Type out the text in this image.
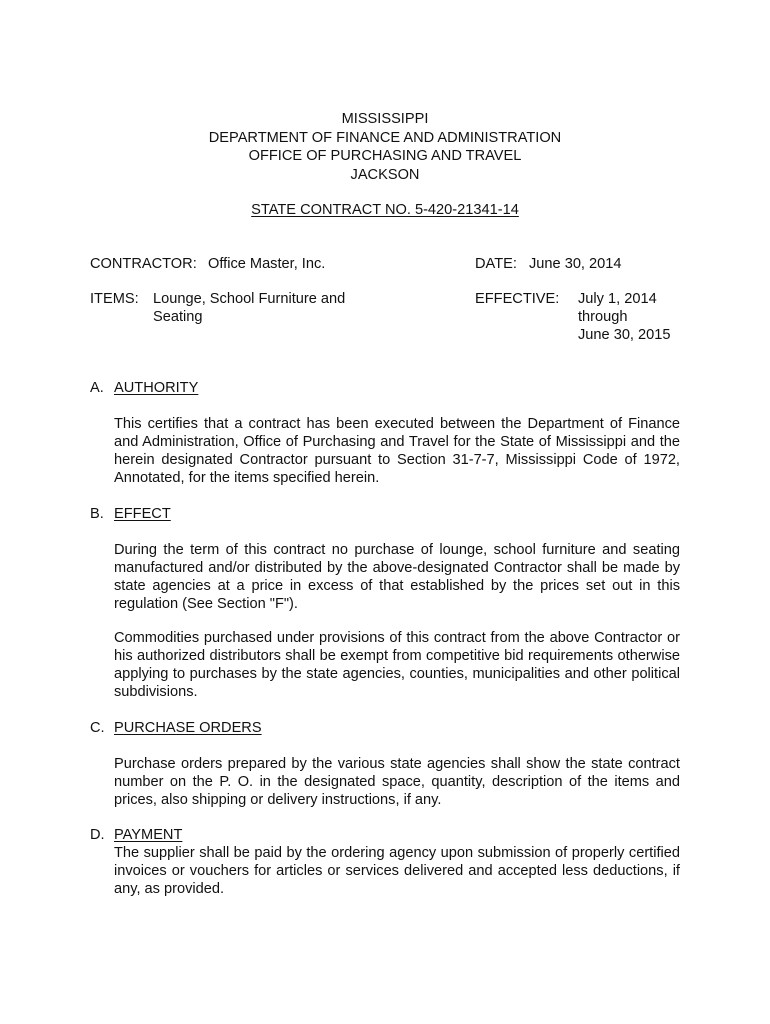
MISSISSIPPI
DEPARTMENT OF FINANCE AND ADMINISTRATION
OFFICE OF PURCHASING AND TRAVEL
JACKSON
STATE CONTRACT NO. 5-420-21341-14
CONTRACTOR: Office Master, Inc.	DATE: June 30, 2014
ITEMS: Lounge, School Furniture and
Seating
EFFECTIVE: July 1, 2014
through
June 30, 2015
A. AUTHORITY
This certifies that a contract has been executed between the Department of Finance and Administration, Office of Purchasing and Travel for the State of Mississippi and the herein designated Contractor pursuant to Section 31-7-7, Mississippi Code of 1972, Annotated, for the items specified herein.
B. EFFECT
During the term of this contract no purchase of lounge, school furniture and seating manufactured and/or distributed by the above-designated Contractor shall be made by state agencies at a price in excess of that established by the prices set out in this regulation (See Section "F").
Commodities purchased under provisions of this contract from the above Contractor or his authorized distributors shall be exempt from competitive bid requirements otherwise applying to purchases by the state agencies, counties, municipalities and other political subdivisions.
C. PURCHASE ORDERS
Purchase orders prepared by the various state agencies shall show the state contract number on the P. O. in the designated space, quantity, description of the items and prices, also shipping or delivery instructions, if any.
D. PAYMENT
The supplier shall be paid by the ordering agency upon submission of properly certified invoices or vouchers for articles or services delivered and accepted less deductions, if any, as provided.
